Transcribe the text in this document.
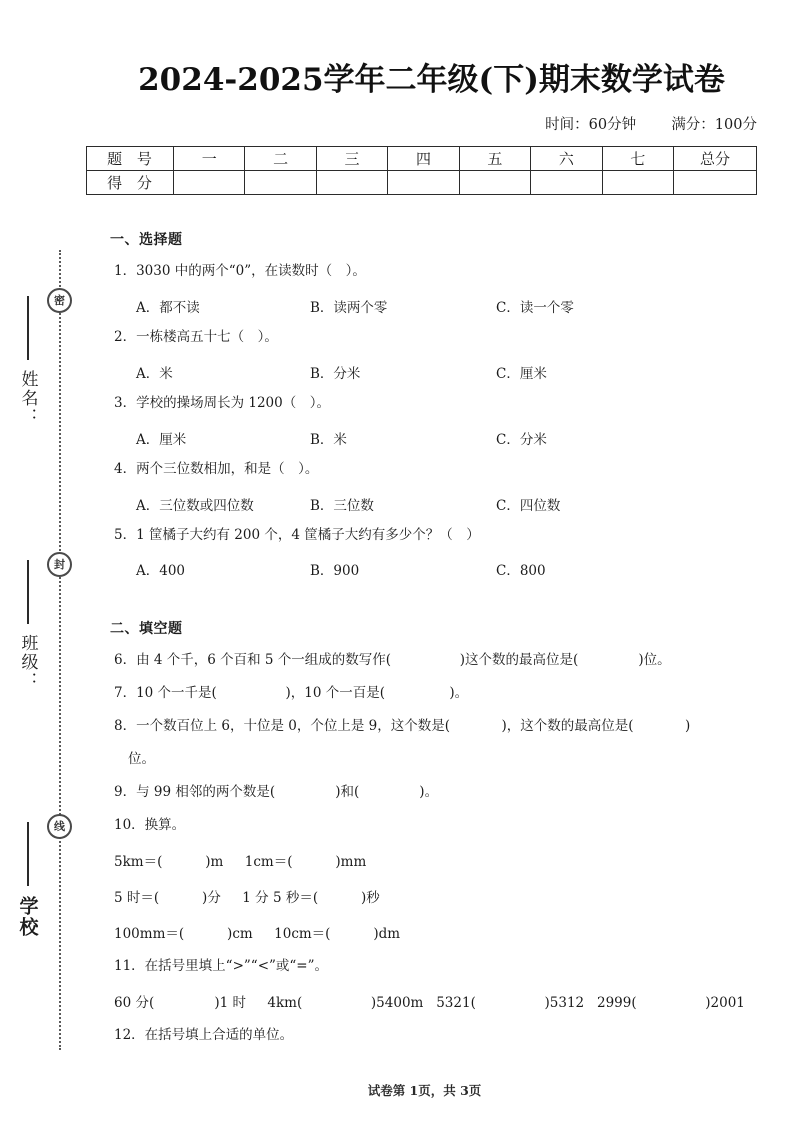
密
封
线
姓名：
班级：
学校
2024-2025学年二年级(下)期末数学试卷
时间：60分钟 满分：100分
题 号	一	二	三	四	五	六	七	总分
得 分								
一、选择题
1．3030 中的两个“0”，在读数时（　）。
A．都不读	B．读两个零	C．读一个零
2．一栋楼高五十七（　）。
A．米	B．分米	C．厘米
3．学校的操场周长为 1200（　）。
A．厘米	B．米	C．分米
4．两个三位数相加，和是（　）。
A．三位数或四位数	B．三位数	C．四位数
5．1 筐橘子大约有 200 个，4 筐橘子大约有多少个？（　）
A．400	B．900	C．800
二、填空题
6．由 4 个千，6 个百和 5 个一组成的数写作(                )这个数的最高位是(              )位。
7．10 个一千是(                )，10 个一百是(               )。
8．一个数百位上 6，十位是 0，个位上是 9，这个数是(            )，这个数的最高位是(            )
位。
9．与 99 相邻的两个数是(              )和(              )。
10．换算。
5km＝(          )m     1cm＝(          )mm
5 时＝(          )分     1 分 5 秒＝(          )秒
100mm＝(          )cm     10cm＝(          )dm
11．在括号里填上“>”“<”或“=”。
60 分(              )1 时     4km(                )5400m   5321(                )5312   2999(                )2001
12．在括号填上合适的单位。
试卷第 1页，共 3页
